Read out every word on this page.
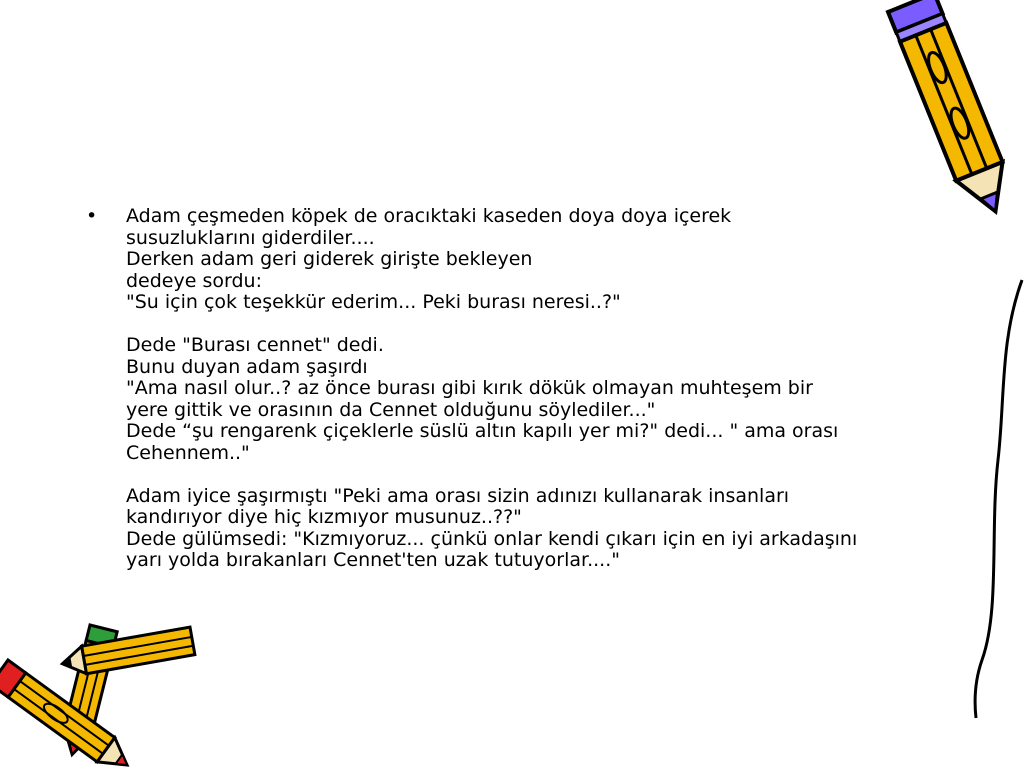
•	Adam çeşmeden köpek de oracıktaki kaseden doya doya içerek
susuzluklarını giderdiler....
Derken adam geri giderek girişte bekleyen
dedeye sordu:
"Su için çok teşekkür ederim... Peki burası neresi..?"
Dede "Burası cennet" dedi.
Bunu duyan adam şaşırdı
"Ama nasıl olur..? az önce burası gibi kırık dökük olmayan muhteşem bir
yere gittik ve orasının da Cennet olduğunu söylediler..."
Dede “şu rengarenk çiçeklerle süslü altın kapılı yer mi?" dedi... " ama orası
Cehennem.."
Adam iyice şaşırmıştı "Peki ama orası sizin adınızı kullanarak insanları
kandırıyor diye hiç kızmıyor musunuz..??"
Dede gülümsedi: "Kızmıyoruz... çünkü onlar kendi çıkarı için en iyi arkadaşını
yarı yolda bırakanları Cennet'ten uzak tutuyorlar...."
